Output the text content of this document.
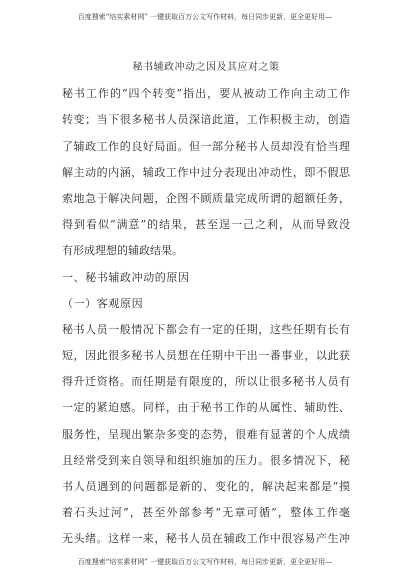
百度搜索“培实素材网” 一键获取百万公文写作材料，每日同步更新，更全更好用—
秘书辅政冲动之因及其应对之策
秘书工作的“四个转变”指出，要从被动工作向主动工作
转变；当下很多秘书人员深谙此道，工作积极主动，创造
了辅政工作的良好局面。但一部分秘书人员却没有恰当理
解主动的内涵，辅政工作中过分表现出冲动性，即不假思
索地急于解决问题，企图不顾质量完成所谓的超额任务，
得到看似“满意”的结果，甚至逞一己之利，从而导致没
有形成理想的辅政结果。
一、秘书辅政冲动的原因
（一）客观原因
秘书人员一般情况下都会有一定的任期，这些任期有长有
短，因此很多秘书人员想在任期中干出一番事业，以此获
得升迁资格。而任期是有限度的，所以让很多秘书人员有
一定的紧迫感。同样，由于秘书工作的从属性、辅助性、
服务性，呈现出繁杂多变的态势，很难有显著的个人成绩
且经常受到来自领导和组织施加的压力。很多情况下，秘
书人员遇到的问题都是新的、变化的，解决起来都是“摸
着石头过河”，甚至外部参考“无章可循”，整体工作毫
无头绪。这样一来，秘书人员在辅政工作中很容易产生冲
百度搜索“培实素材网” 一键获取百万公文写作材料，每日同步更新，更全更好用—
